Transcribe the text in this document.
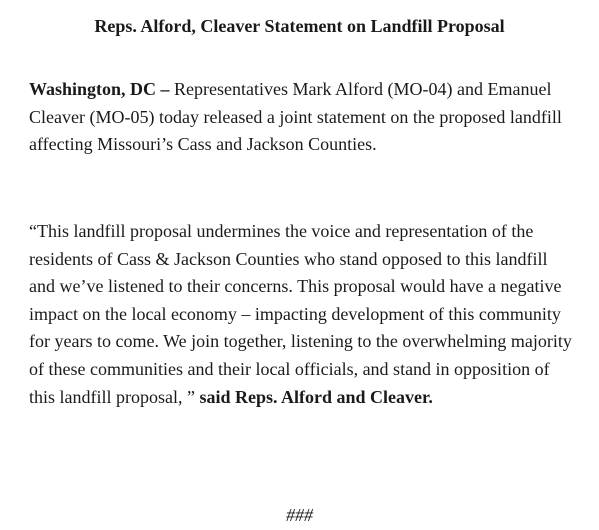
Reps. Alford, Cleaver Statement on Landfill Proposal

Washington, DC – Representatives Mark Alford (MO-04) and Emanuel Cleaver (MO-05) today released a joint statement on the proposed landfill affecting Missouri’s Cass and Jackson Counties.

“This landfill proposal undermines the voice and representation of the residents of Cass & Jackson Counties who stand opposed to this landfill and we’ve listened to their concerns. This proposal would have a negative impact on the local economy – impacting development of this community for years to come. We join together, listening to the overwhelming majority of these communities and their local officials, and stand in opposition of this landfill proposal, ” said Reps. Alford and Cleaver.

###
